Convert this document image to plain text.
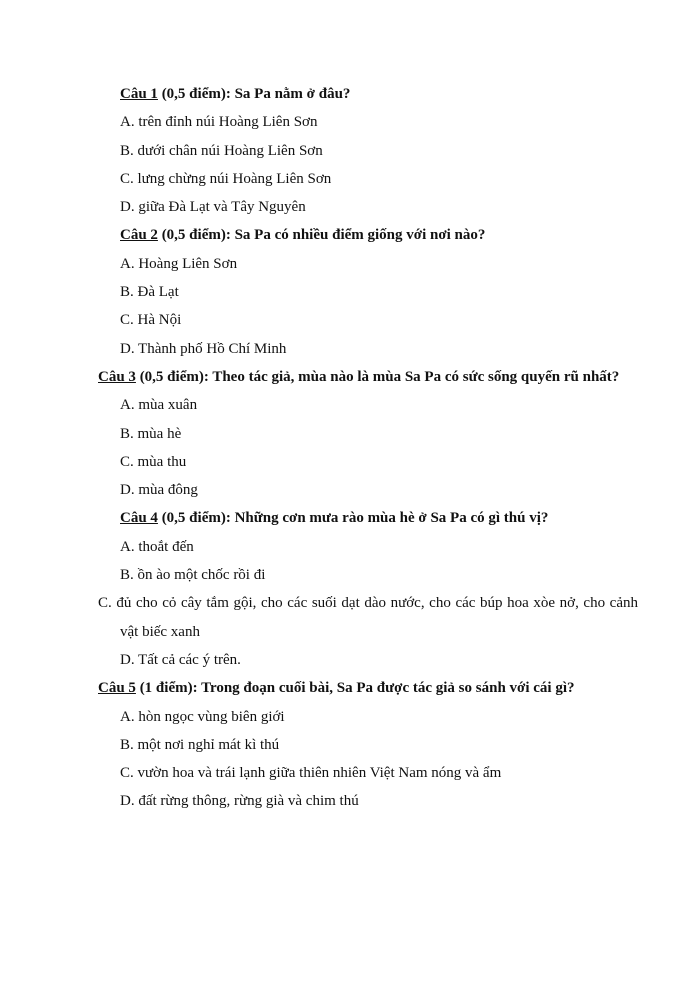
Câu 1 (0,5 điểm): Sa Pa nằm ở đâu?
A. trên đỉnh núi Hoàng Liên Sơn
B. dưới chân núi Hoàng Liên Sơn
C. lưng chừng núi Hoàng Liên Sơn
D. giữa Đà Lạt và Tây Nguyên
Câu 2 (0,5 điểm): Sa Pa có nhiều điểm giống với nơi nào?
A. Hoàng Liên Sơn
B. Đà Lạt
C. Hà Nội
D. Thành phố Hồ Chí Minh
Câu 3 (0,5 điểm): Theo tác giả, mùa nào là mùa Sa Pa có sức sống quyến rũ nhất?
A. mùa xuân
B. mùa hè
C. mùa thu
D. mùa đông
Câu 4 (0,5 điểm): Những cơn mưa rào mùa hè ở Sa Pa có gì thú vị?
A. thoắt đến
B. ồn ào một chốc rồi đi
C. đủ cho cỏ cây tắm gội, cho các suối dạt dào nước, cho các búp hoa xòe nở, cho cảnh vật biếc xanh
D. Tất cả các ý trên.
Câu 5 (1 điểm): Trong đoạn cuối bài, Sa Pa được tác giả so sánh với cái gì?
A. hòn ngọc vùng biên giới
B. một nơi nghỉ mát kì thú
C. vườn hoa và trái lạnh giữa thiên nhiên Việt Nam nóng và ẩm
D. đất rừng thông, rừng già và chim thú
